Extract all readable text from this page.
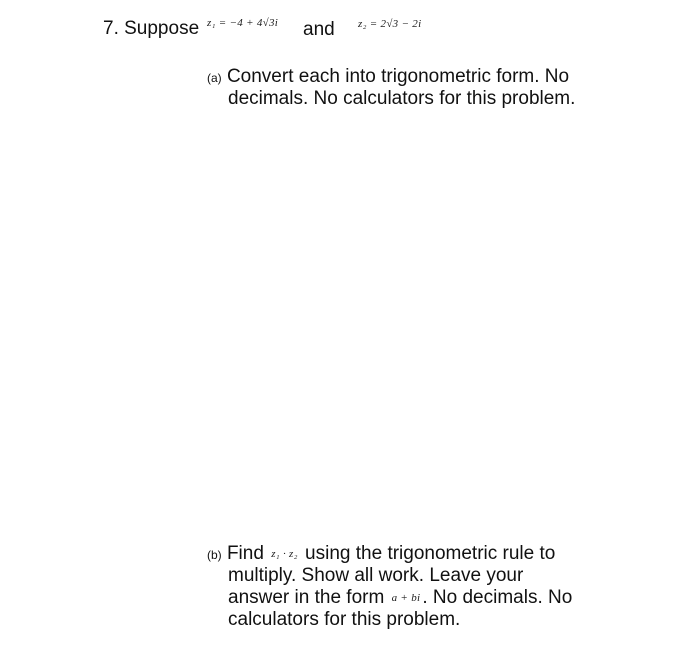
7. Suppose z₁ = −4 + 4√3i and z₂ = 2√3 − 2i
(a) Convert each into trigonometric form. No
decimals. No calculators for this problem.
(b) Find z₁ · z₂ using the trigonometric rule to
multiply. Show all work. Leave your
answer in the form a + bi . No decimals. No
calculators for this problem.
